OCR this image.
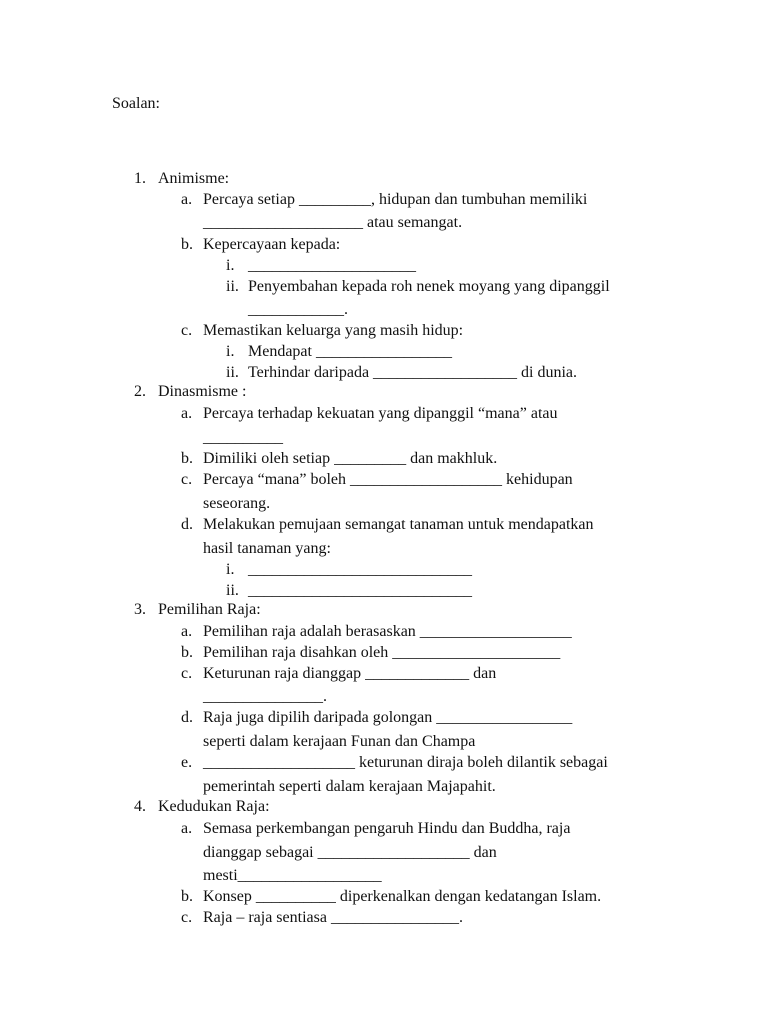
Soalan:
1. Animisme:
a. Percaya setiap _________, hidupan dan tumbuhan memiliki
____________________ atau semangat.
b. Kepercayaan kepada:
i. _____________________
ii. Penyembahan kepada roh nenek moyang yang dipanggil
____________.
c. Memastikan keluarga yang masih hidup:
i. Mendapat _________________
ii. Terhindar daripada __________________ di dunia.
2. Dinasmisme :
a. Percaya terhadap kekuatan yang dipanggil “mana” atau
__________
b. Dimiliki oleh setiap _________ dan makhluk.
c. Percaya “mana” boleh ___________________ kehidupan
seseorang.
d. Melakukan pemujaan semangat tanaman untuk mendapatkan
hasil tanaman yang:
i. ____________________________
ii. ____________________________
3. Pemilihan Raja:
a. Pemilihan raja adalah berasaskan ___________________
b. Pemilihan raja disahkan oleh _____________________
c. Keturunan raja dianggap _____________ dan
_______________.
d. Raja juga dipilih daripada golongan _________________
seperti dalam kerajaan Funan dan Champa
e. ___________________ keturunan diraja boleh dilantik sebagai
pemerintah seperti dalam kerajaan Majapahit.
4. Kedudukan Raja:
a. Semasa perkembangan pengaruh Hindu dan Buddha, raja
dianggap sebagai ___________________ dan
mesti__________________
b. Konsep __________ diperkenalkan dengan kedatangan Islam.
c. Raja – raja sentiasa ________________.
